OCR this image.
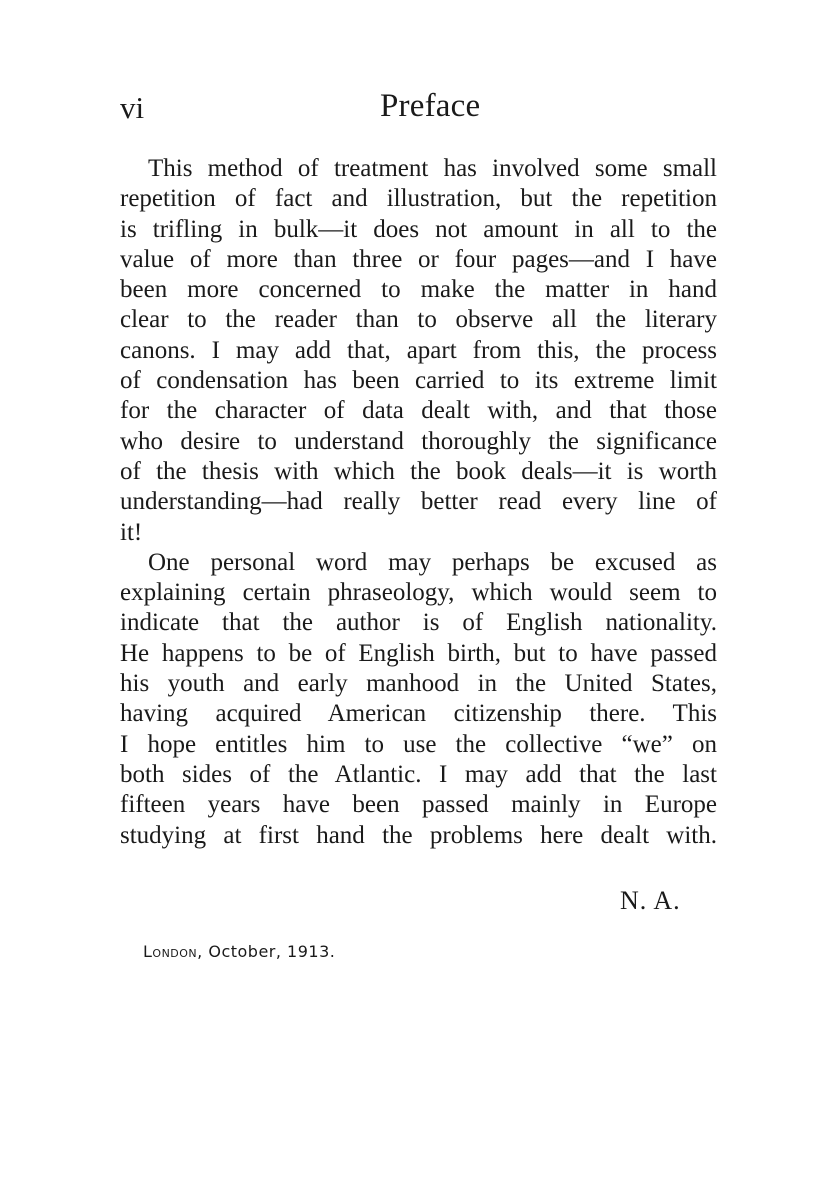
vi	Preface
This method of treatment has involved some small
repetition of fact and illustration, but the repetition
is trifling in bulk—it does not amount in all to the
value of more than three or four pages—and I have
been more concerned to make the matter in hand
clear to the reader than to observe all the literary
canons. I may add that, apart from this, the process
of condensation has been carried to its extreme limit
for the character of data dealt with, and that those
who desire to understand thoroughly the significance
of the thesis with which the book deals—it is worth
understanding—had really better read every line of
it!
One personal word may perhaps be excused as
explaining certain phraseology, which would seem to
indicate that the author is of English nationality.
He happens to be of English birth, but to have passed
his youth and early manhood in the United States,
having acquired American citizenship there. This
I hope entitles him to use the collective “we” on
both sides of the Atlantic. I may add that the last
fifteen years have been passed mainly in Europe
studying at first hand the problems here dealt with.
N. A.
London, October, 1913.
